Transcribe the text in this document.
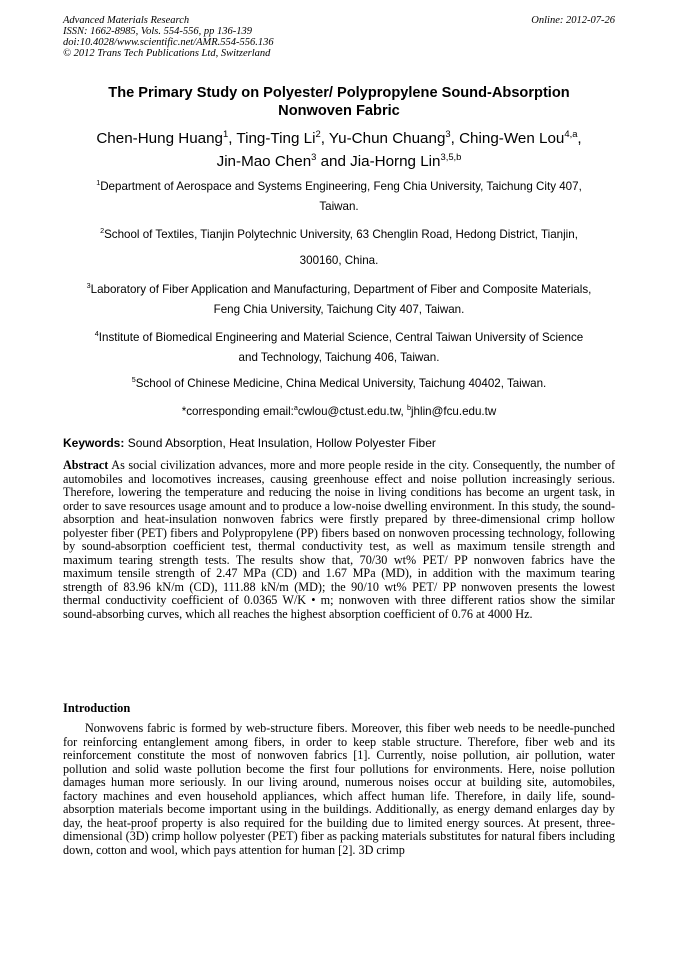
Advanced Materials Research
ISSN: 1662-8985, Vols. 554-556, pp 136-139
doi:10.4028/www.scientific.net/AMR.554-556.136
© 2012 Trans Tech Publications Ltd, Switzerland
Online: 2012-07-26
The Primary Study on Polyester/ Polypropylene Sound-Absorption
Nonwoven Fabric
Chen-Hung Huang$^1$, Ting-Ting Li$^2$, Yu-Chun Chuang$^3$, Ching-Wen Lou$^{4,a}$,
Jin-Mao Chen$^3$ and Jia-Horng Lin$^{3,5,b}$
$^1$Department of Aerospace and Systems Engineering, Feng Chia University, Taichung City 407,
Taiwan.
$^2$School of Textiles, Tianjin Polytechnic University, 63 Chenglin Road, Hedong District, Tianjin,
300160, China.
$^3$Laboratory of Fiber Application and Manufacturing, Department of Fiber and Composite Materials,
Feng Chia University, Taichung City 407, Taiwan.
$^4$Institute of Biomedical Engineering and Material Science, Central Taiwan University of Science
and Technology, Taichung 406, Taiwan.
$^5$School of Chinese Medicine, China Medical University, Taichung 40402, Taiwan.
*corresponding email:$^a$cwlou@ctust.edu.tw, $^b$jhlin@fcu.edu.tw
Keywords: Sound Absorption, Heat Insulation, Hollow Polyester Fiber
Abstract As social civilization advances, more and more people reside in the city. Consequently, the number of automobiles and locomotives increases, causing greenhouse effect and noise pollution increasingly serious. Therefore, lowering the temperature and reducing the noise in living conditions has become an urgent task, in order to save resources usage amount and to produce a low-noise dwelling environment. In this study, the sound-absorption and heat-insulation nonwoven fabrics were firstly prepared by three-dimensional crimp hollow polyester fiber (PET) fibers and Polypropylene (PP) fibers based on nonwoven processing technology, following by sound-absorption coefficient test, thermal conductivity test, as well as maximum tensile strength and maximum tearing strength tests. The results show that, 70/30 wt% PET/ PP nonwoven fabrics have the maximum tensile strength of 2.47 MPa (CD) and 1.67 MPa (MD), in addition with the maximum tearing strength of 83.96 kN/m (CD), 111.88 kN/m (MD); the 90/10 wt% PET/ PP nonwoven presents the lowest thermal conductivity coefficient of 0.0365 W/K • m; nonwoven with three different ratios show the similar sound-absorbing curves, which all reaches the highest absorption coefficient of 0.76 at 4000 Hz.
Introduction
Nonwovens fabric is formed by web-structure fibers. Moreover, this fiber web needs to be needle-punched for reinforcing entanglement among fibers, in order to keep stable structure. Therefore, fiber web and its reinforcement constitute the most of nonwoven fabrics [1]. Currently, noise pollution, air pollution, water pollution and solid waste pollution become the first four pollutions for environments. Here, noise pollution damages human more seriously. In our living around, numerous noises occur at building site, automobiles, factory machines and even household appliances, which affect human life. Therefore, in daily life, sound-absorption materials become important using in the buildings. Additionally, as energy demand enlarges day by day, the heat-proof property is also required for the building due to limited energy sources. At present, three-dimensional (3D) crimp hollow polyester (PET) fiber as packing materials substitutes for natural fibers including down, cotton and wool, which pays attention for human [2]. 3D crimp
